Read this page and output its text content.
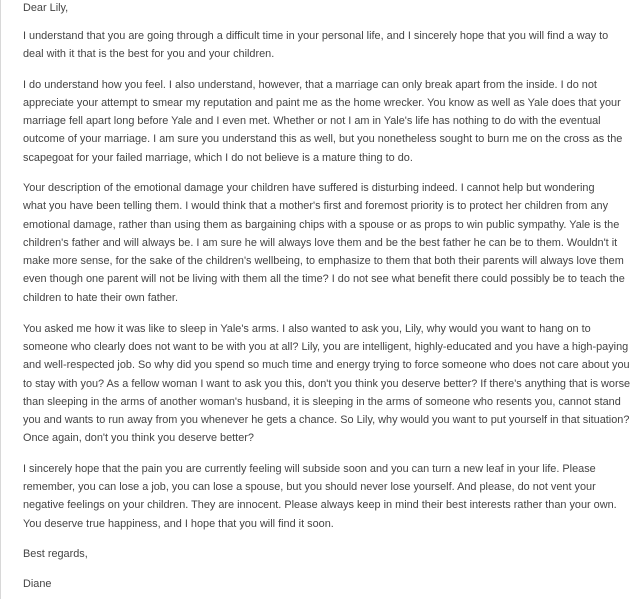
Dear Lily,
I understand that you are going through a difficult time in your personal life, and I sincerely hope that you will find a way to
deal with it that is the best for you and your children.
I do understand how you feel. I also understand, however, that a marriage can only break apart from the inside. I do not
appreciate your attempt to smear my reputation and paint me as the home wrecker. You know as well as Yale does that your
marriage fell apart long before Yale and I even met. Whether or not I am in Yale's life has nothing to do with the eventual
outcome of your marriage. I am sure you understand this as well, but you nonetheless sought to burn me on the cross as the
scapegoat for your failed marriage, which I do not believe is a mature thing to do.
Your description of the emotional damage your children have suffered is disturbing indeed. I cannot help but wondering
what you have been telling them. I would think that a mother's first and foremost priority is to protect her children from any
emotional damage, rather than using them as bargaining chips with a spouse or as props to win public sympathy. Yale is the
children's father and will always be. I am sure he will always love them and be the best father he can be to them. Wouldn't it
make more sense, for the sake of the children's wellbeing, to emphasize to them that both their parents will always love them
even though one parent will not be living with them all the time? I do not see what benefit there could possibly be to teach the
children to hate their own father.
You asked me how it was like to sleep in Yale's arms. I also wanted to ask you, Lily, why would you want to hang on to
someone who clearly does not want to be with you at all? Lily, you are intelligent, highly-educated and you have a high-paying
and well-respected job. So why did you spend so much time and energy trying to force someone who does not care about you
to stay with you? As a fellow woman I want to ask you this, don't you think you deserve better? If there's anything that is worse
than sleeping in the arms of another woman's husband, it is sleeping in the arms of someone who resents you, cannot stand
you and wants to run away from you whenever he gets a chance. So Lily, why would you want to put yourself in that situation?
Once again, don't you think you deserve better?
I sincerely hope that the pain you are currently feeling will subside soon and you can turn a new leaf in your life. Please
remember, you can lose a job, you can lose a spouse, but you should never lose yourself. And please, do not vent your
negative feelings on your children. They are innocent. Please always keep in mind their best interests rather than your own.
You deserve true happiness, and I hope that you will find it soon.
Best regards,
Diane
